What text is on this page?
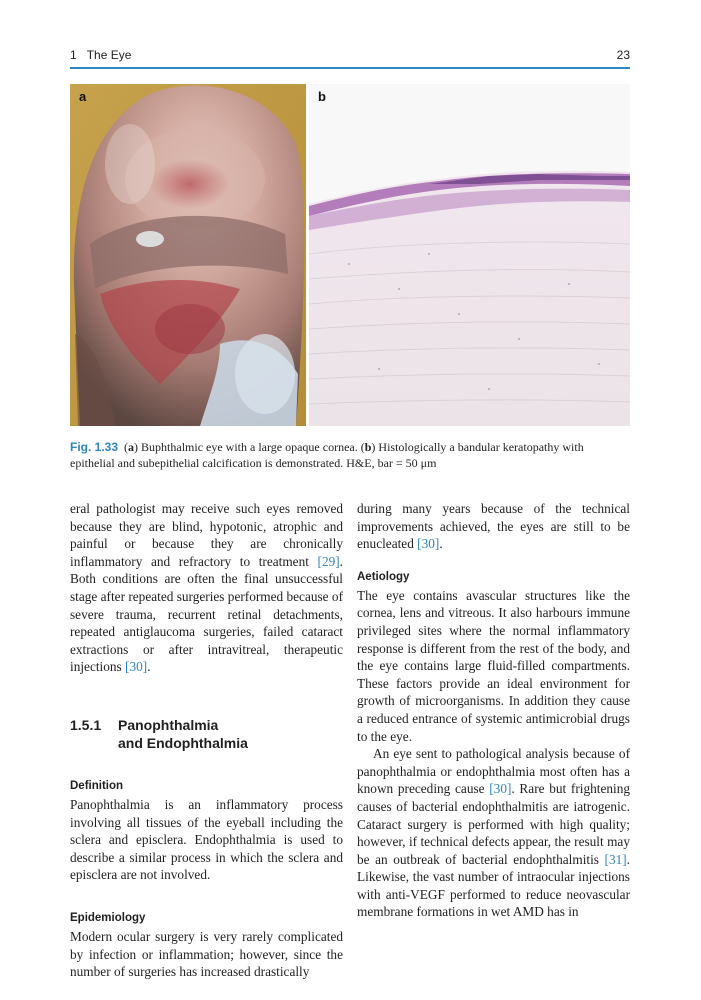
1 The Eye	23
a	b
Fig. 1.33 (a) Buphthalmic eye with a large opaque cornea. (b) Histologically a bandular keratopathy with epithelial and subepithelial calcification is demonstrated. H&E, bar = 50 μm

eral pathologist may receive such eyes removed because they are blind, hypotonic, atrophic and painful or because they are chronically inflammatory and refractory to treatment [29]. Both conditions are often the final unsuccessful stage after repeated surgeries performed because of severe trauma, recurrent retinal detachments, repeated antiglaucoma surgeries, failed cataract extractions or after intravitreal, therapeutic injections [30].

1.5.1	Panophthalmia
and Endophthalmia
Definition

Panophthalmia is an inflammatory process involving all tissues of the eyeball including the sclera and episclera. Endophthalmia is used to describe a similar process in which the sclera and episclera are not involved.

Epidemiology

Modern ocular surgery is very rarely complicated by infection or inflammation; however, since the number of surgeries has increased drastically

during many years because of the technical improvements achieved, the eyes are still to be enucleated [30].

Aetiology

The eye contains avascular structures like the cornea, lens and vitreous. It also harbours immune privileged sites where the normal inflammatory response is different from the rest of the body, and the eye contains large fluid-filled compartments. These factors provide an ideal environment for growth of microorganisms. In addition they cause a reduced entrance of systemic antimicrobial drugs to the eye.

An eye sent to pathological analysis because of panophthalmia or endophthalmia most often has a known preceding cause [30]. Rare but frightening causes of bacterial endophthalmitis are iatrogenic. Cataract surgery is performed with high quality; however, if technical defects appear, the result may be an outbreak of bacterial endophthalmitis [31]. Likewise, the vast number of intraocular injections with anti-VEGF performed to reduce neovascular membrane formations in wet AMD has in
